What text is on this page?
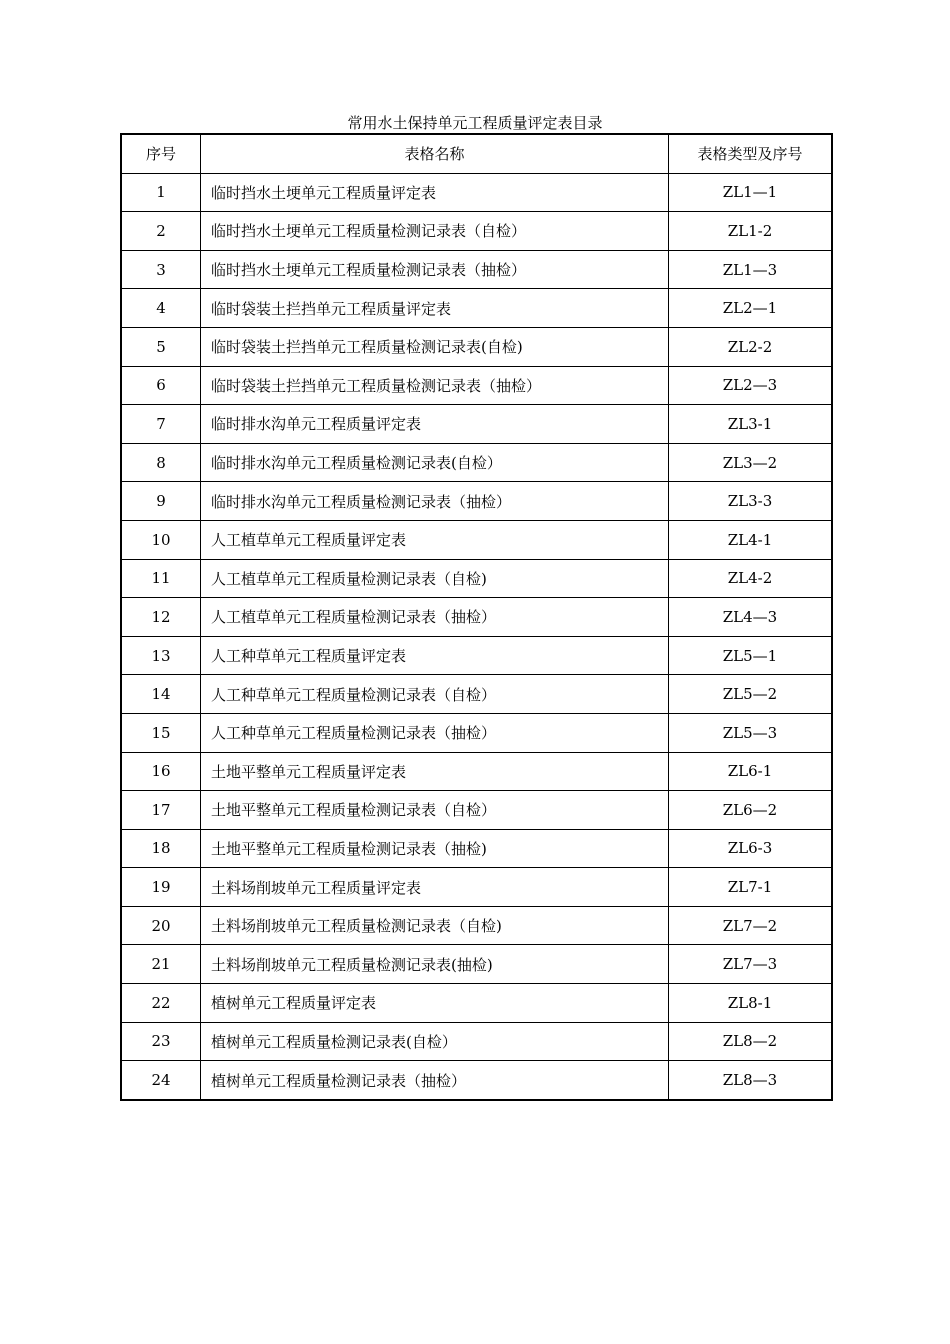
常用水土保持单元工程质量评定表目录
序号	表格名称	表格类型及序号
1	临时挡水土埂单元工程质量评定表	ZL1—1
2	临时挡水土埂单元工程质量检测记录表（自检）	ZL1-2
3	临时挡水土埂单元工程质量检测记录表（抽检）	ZL1—3
4	临时袋装土拦挡单元工程质量评定表	ZL2—1
5	临时袋装土拦挡单元工程质量检测记录表(自检)	ZL2-2
6	临时袋装土拦挡单元工程质量检测记录表（抽检）	ZL2—3
7	临时排水沟单元工程质量评定表	ZL3-1
8	临时排水沟单元工程质量检测记录表(自检）	ZL3—2
9	临时排水沟单元工程质量检测记录表（抽检）	ZL3-3
10	人工植草单元工程质量评定表	ZL4-1
11	人工植草单元工程质量检测记录表（自检)	ZL4-2
12	人工植草单元工程质量检测记录表（抽检）	ZL4—3
13	人工种草单元工程质量评定表	ZL5—1
14	人工种草单元工程质量检测记录表（自检）	ZL5—2
15	人工种草单元工程质量检测记录表（抽检）	ZL5—3
16	土地平整单元工程质量评定表	ZL6-1
17	土地平整单元工程质量检测记录表（自检）	ZL6—2
18	土地平整单元工程质量检测记录表（抽检)	ZL6-3
19	土料场削坡单元工程质量评定表	ZL7-1
20	土料场削坡单元工程质量检测记录表（自检)	ZL7—2
21	土料场削坡单元工程质量检测记录表(抽检)	ZL7—3
22	植树单元工程质量评定表	ZL8-1
23	植树单元工程质量检测记录表(自检）	ZL8—2
24	植树单元工程质量检测记录表（抽检）	ZL8—3
